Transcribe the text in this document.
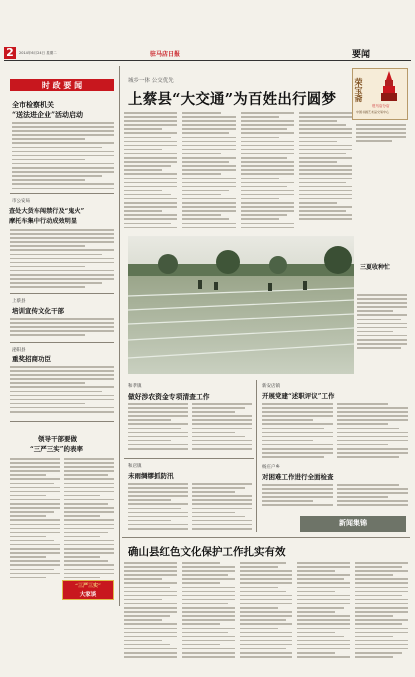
2	2014年6月24日 星期二	驻马店日报	要闻
时 政 要 闻
全市检察机关
“送法进企业”活动启动
市公安局
查处大货车闯禁行及“鬼火”
摩托车集中行动成效明显
上蔡县
培训宣传文化干部
泌阳县
重奖招商功臣
领导干部要做
“三严三实”的表率
“三严三实”
大家谈
城乡一体 公交优先
上蔡县“大交通”为百姓出行圆梦 荣宝斋
驻马店分店
中国书画艺术品交易中心
三夏收种忙
和孝镇
做好涉农资金专项清查工作
新安店镇
开展党建“述职评议”工作
和店镇
未雨绸缪抓防汛
杨庄户乡
对困难工作进行全面检查
新闻集锦
确山县红色文化保护工作扎实有效
